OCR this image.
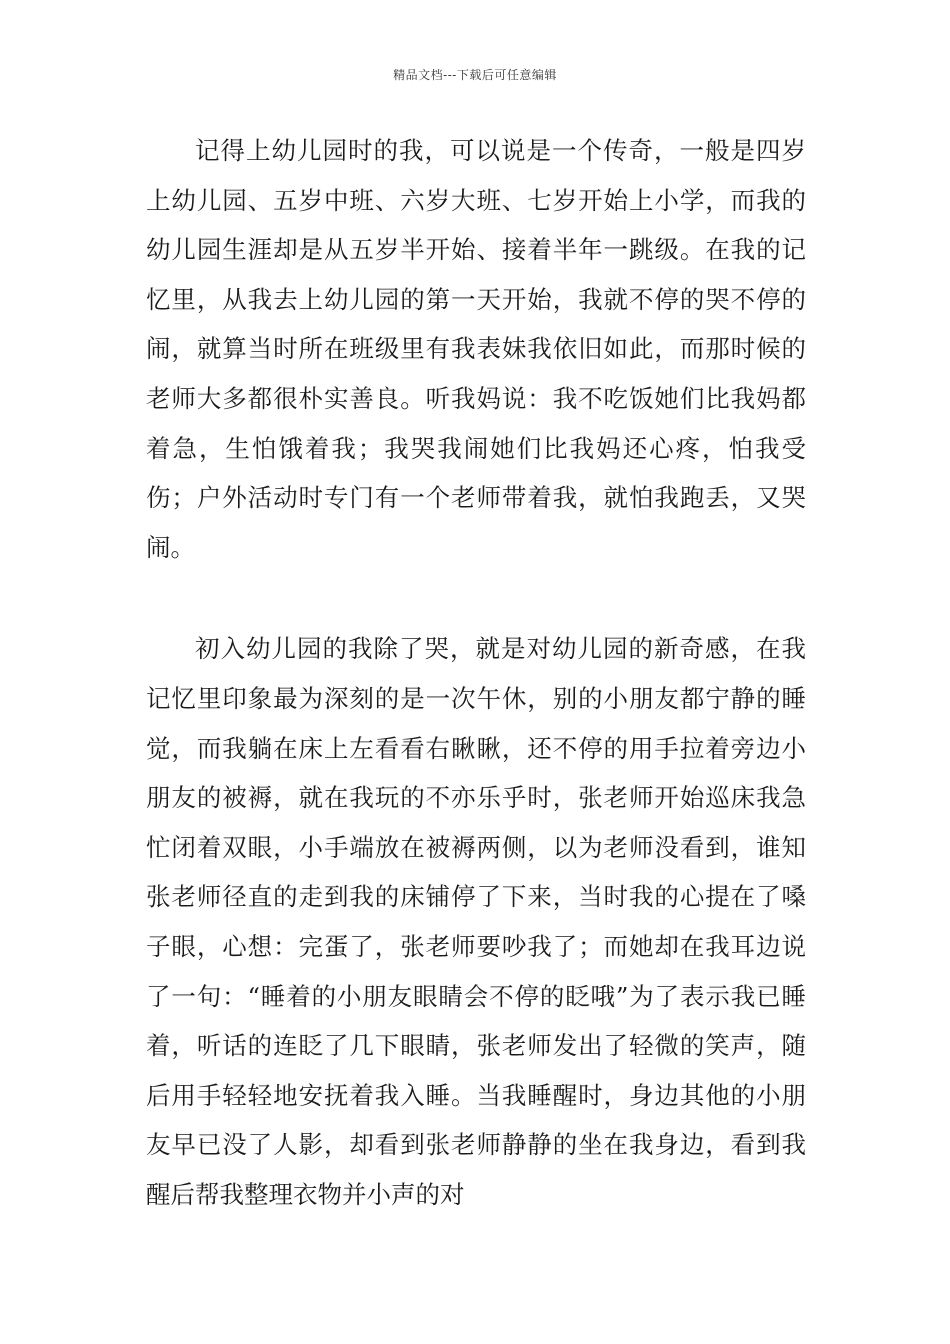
精品文档---下载后可任意编辑

记得上幼儿园时的我，可以说是一个传奇，一般是四岁上幼儿园、五岁中班、六岁大班、七岁开始上小学，而我的幼儿园生涯却是从五岁半开始、接着半年一跳级。在我的记忆里，从我去上幼儿园的第一天开始，我就不停的哭不停的闹，就算当时所在班级里有我表妹我依旧如此，而那时候的老师大多都很朴实善良。听我妈说：我不吃饭她们比我妈都着急，生怕饿着我；我哭我闹她们比我妈还心疼，怕我受伤；户外活动时专门有一个老师带着我，就怕我跑丢，又哭闹。

初入幼儿园的我除了哭，就是对幼儿园的新奇感，在我记忆里印象最为深刻的是一次午休，别的小朋友都宁静的睡觉，而我躺在床上左看看右瞅瞅，还不停的用手拉着旁边小朋友的被褥，就在我玩的不亦乐乎时，张老师开始巡床我急忙闭着双眼，小手端放在被褥两侧，以为老师没看到，谁知张老师径直的走到我的床铺停了下来，当时我的心提在了嗓子眼，心想：完蛋了，张老师要吵我了；而她却在我耳边说了一句：“睡着的小朋友眼睛会不停的眨哦”为了表示我已睡着，听话的连眨了几下眼睛，张老师发出了轻微的笑声，随后用手轻轻地安抚着我入睡。当我睡醒时，身边其他的小朋友早已没了人影，却看到张老师静静的坐在我身边，看到我醒后帮我整理衣物并小声的对
